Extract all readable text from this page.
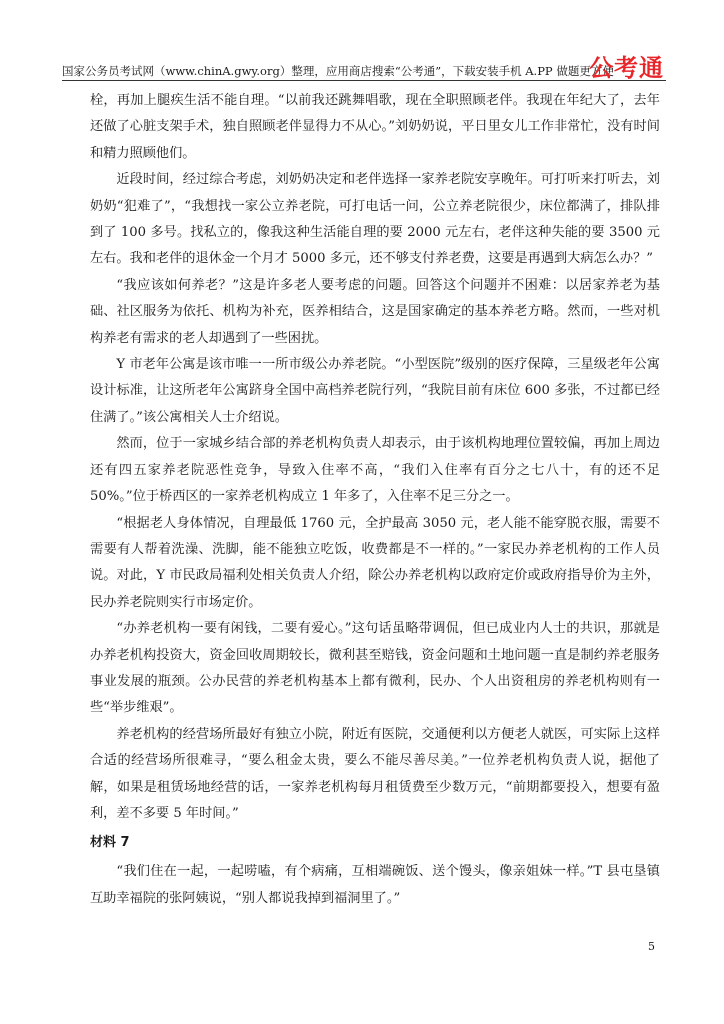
国家公务员考试网（www.chinA.gwy.org）整理，应用商店搜索“公考通”，下载安装手机 A.PP 做题更方便
公考通

栓，再加上腿疾生活不能自理。“以前我还跳舞唱歌，现在全职照顾老伴。我现在年纪大了，去年还做了心脏支架手术，独自照顾老伴显得力不从心。”刘奶奶说，平日里女儿工作非常忙，没有时间和精力照顾他们。

近段时间，经过综合考虑，刘奶奶决定和老伴选择一家养老院安享晚年。可打听来打听去，刘奶奶“犯难了”，“我想找一家公立养老院，可打电话一问，公立养老院很少，床位都满了，排队排到了 100 多号。找私立的，像我这种生活能自理的要 2000 元左右，老伴这种失能的要 3500 元左右。我和老伴的退休金一个月才 5000 多元，还不够支付养老费，这要是再遇到大病怎么办？”

“我应该如何养老？”这是许多老人要考虑的问题。回答这个问题并不困难：以居家养老为基础、社区服务为依托、机构为补充，医养相结合，这是国家确定的基本养老方略。然而，一些对机构养老有需求的老人却遇到了一些困扰。

Y 市老年公寓是该市唯一一所市级公办养老院。“小型医院”级别的医疗保障，三星级老年公寓设计标准，让这所老年公寓跻身全国中高档养老院行列，“我院目前有床位 600 多张，不过都已经住满了。”该公寓相关人士介绍说。

然而，位于一家城乡结合部的养老机构负责人却表示，由于该机构地理位置较偏，再加上周边还有四五家养老院恶性竞争，导致入住率不高，“我们入住率有百分之七八十，有的还不足 50%。”位于桥西区的一家养老机构成立 1 年多了，入住率不足三分之一。

“根据老人身体情况，自理最低 1760 元，全护最高 3050 元，老人能不能穿脱衣服，需要不需要有人帮着洗澡、洗脚，能不能独立吃饭，收费都是不一样的。”一家民办养老机构的工作人员说。对此，Y 市民政局福利处相关负责人介绍，除公办养老机构以政府定价或政府指导价为主外，民办养老院则实行市场定价。

“办养老机构一要有闲钱，二要有爱心。”这句话虽略带调侃，但已成业内人士的共识，那就是办养老机构投资大，资金回收周期较长，微利甚至赔钱，资金问题和土地问题一直是制约养老服务事业发展的瓶颈。公办民营的养老机构基本上都有微利，民办、个人出资租房的养老机构则有一些“举步维艰”。

养老机构的经营场所最好有独立小院，附近有医院，交通便利以方便老人就医，可实际上这样合适的经营场所很难寻，“要么租金太贵，要么不能尽善尽美。”一位养老机构负责人说，据他了解，如果是租赁场地经营的话，一家养老机构每月租赁费至少数万元，“前期都要投入，想要有盈利，差不多要 5 年时间。”

材料 7

“我们住在一起，一起唠嗑，有个病痛，互相端碗饭、送个馒头，像亲姐妹一样。”T 县屯垦镇互助幸福院的张阿姨说，“别人都说我掉到福洞里了。”

5
